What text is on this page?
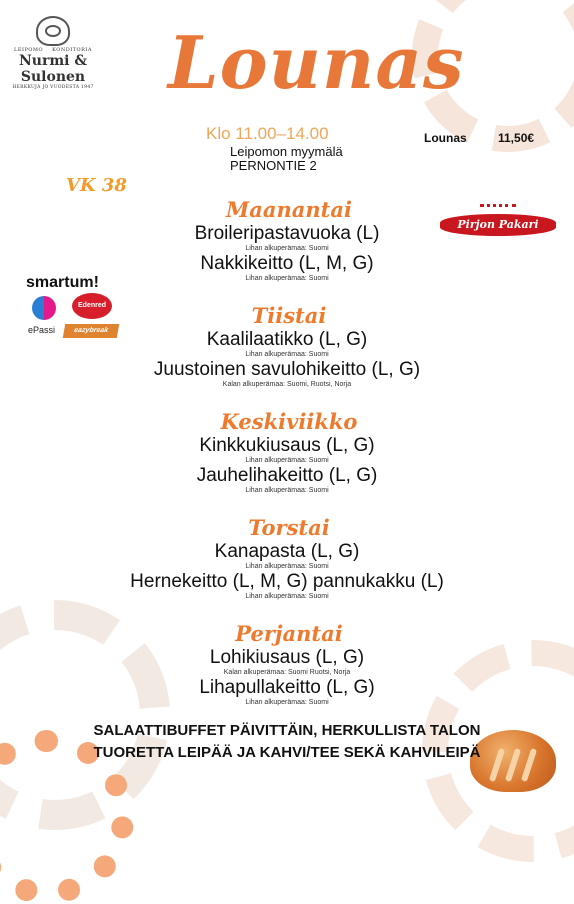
LEIPOMO KONDITORIA
Nurmi & Sulonen
HERKKUJA JO VUODESTA 1947 Lounas
Klo 11.00–14.00
Leipomon myymälä
PERNONTIE 2
Lounas	11,50€
VK 38
Pirjon Pakari
smartum!
ePassi
Edenred
eazybreak
Maanantai
Broileripastavuoka (L)
Lihan alkuperämaa: Suomi
Nakkikeitto (L, M, G)
Lihan alkuperämaa: Suomi
Tiistai
Kaalilaatikko (L, G)
Lihan alkuperämaa: Suomi
Juustoinen savulohikeitto (L, G)
Kalan alkuperämaa: Suomi, Ruotsi, Norja
Keskiviikko
Kinkkukiusaus (L, G)
Lihan alkuperämaa: Suomi
Jauhelihakeitto (L, G)
Lihan alkuperämaa: Suomi
Torstai
Kanapasta (L, G)
Lihan alkuperämaa: Suomi
Hernekeitto (L, M, G) pannukakku (L)
Lihan alkuperämaa: Suomi
Perjantai
Lohikiusaus (L, G)
Kalan alkuperämaa: Suomi Ruotsi, Norja
Lihapullakeitto (L, G)
Lihan alkuperämaa: Suomi
SALAATTIBUFFET PÄIVITTÄIN, HERKULLISTA TALON
TUORETTA LEIPÄÄ JA KAHVI/TEE SEKÄ KAHVILEIPÄ
